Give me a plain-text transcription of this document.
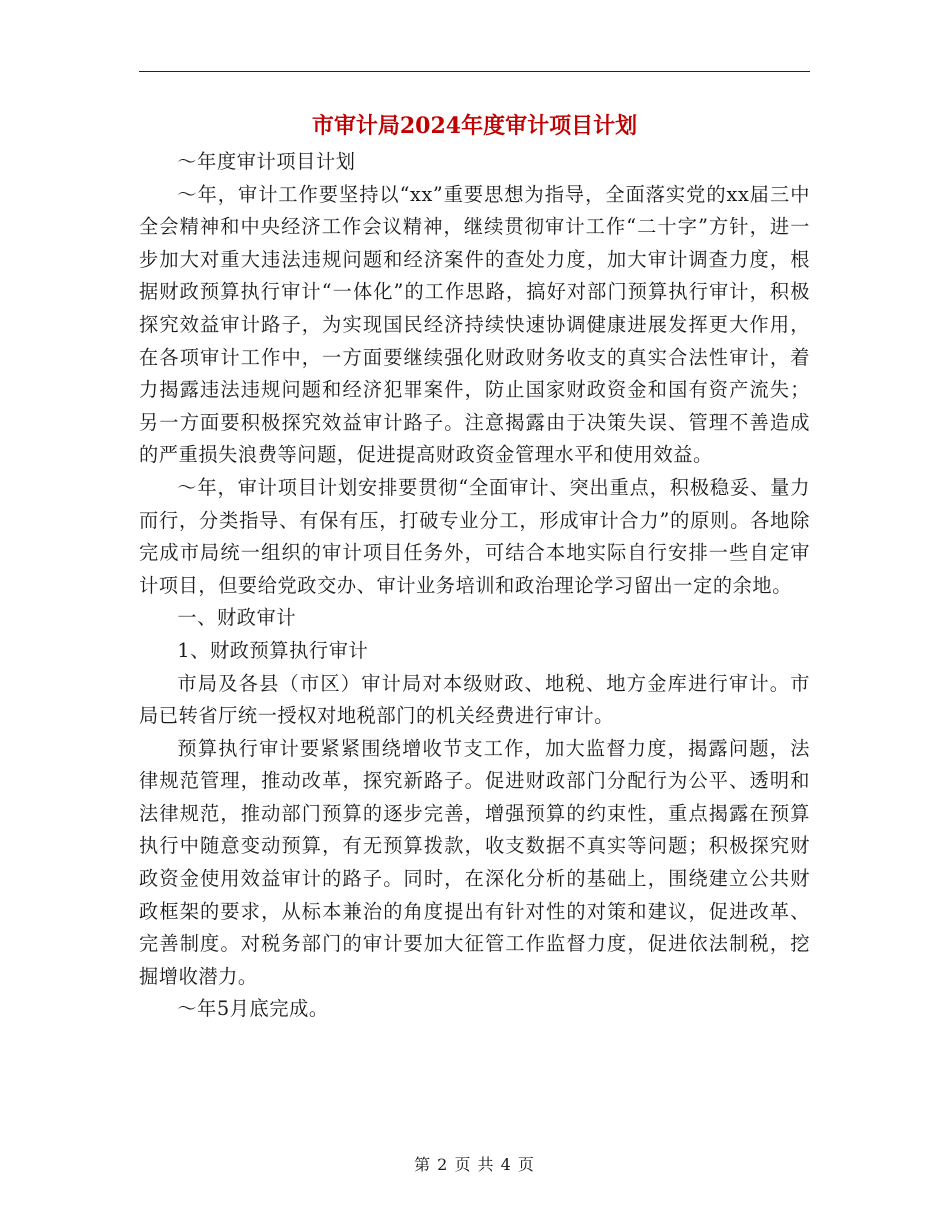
市审计局2024年度审计项目计划

～年度审计项目计划

～年，审计工作要坚持以“xx”重要思想为指导，全面落实党的xx届三中全会精神和中央经济工作会议精神，继续贯彻审计工作“二十字”方针，进一步加大对重大违法违规问题和经济案件的查处力度，加大审计调查力度，根据财政预算执行审计“一体化”的工作思路，搞好对部门预算执行审计，积极探究效益审计路子，为实现国民经济持续快速协调健康进展发挥更大作用，在各项审计工作中，一方面要继续强化财政财务收支的真实合法性审计，着力揭露违法违规问题和经济犯罪案件，防止国家财政资金和国有资产流失；另一方面要积极探究效益审计路子。注意揭露由于决策失误、管理不善造成的严重损失浪费等问题，促进提高财政资金管理水平和使用效益。

～年，审计项目计划安排要贯彻“全面审计、突出重点，积极稳妥、量力而行，分类指导、有保有压，打破专业分工，形成审计合力”的原则。各地除完成市局统一组织的审计项目任务外，可结合本地实际自行安排一些自定审计项目，但要给党政交办、审计业务培训和政治理论学习留出一定的余地。

一、财政审计

1、财政预算执行审计

市局及各县（市区）审计局对本级财政、地税、地方金库进行审计。市局已转省厅统一授权对地税部门的机关经费进行审计。

预算执行审计要紧紧围绕增收节支工作，加大监督力度，揭露问题，法律规范管理，推动改革，探究新路子。促进财政部门分配行为公平、透明和法律规范，推动部门预算的逐步完善，增强预算的约束性，重点揭露在预算执行中随意变动预算，有无预算拨款，收支数据不真实等问题；积极探究财政资金使用效益审计的路子。同时，在深化分析的基础上，围绕建立公共财政框架的要求，从标本兼治的角度提出有针对性的对策和建议，促进改革、完善制度。对税务部门的审计要加大征管工作监督力度，促进依法制税，挖掘增收潜力。

～年5月底完成。

第 2 页 共 4 页
